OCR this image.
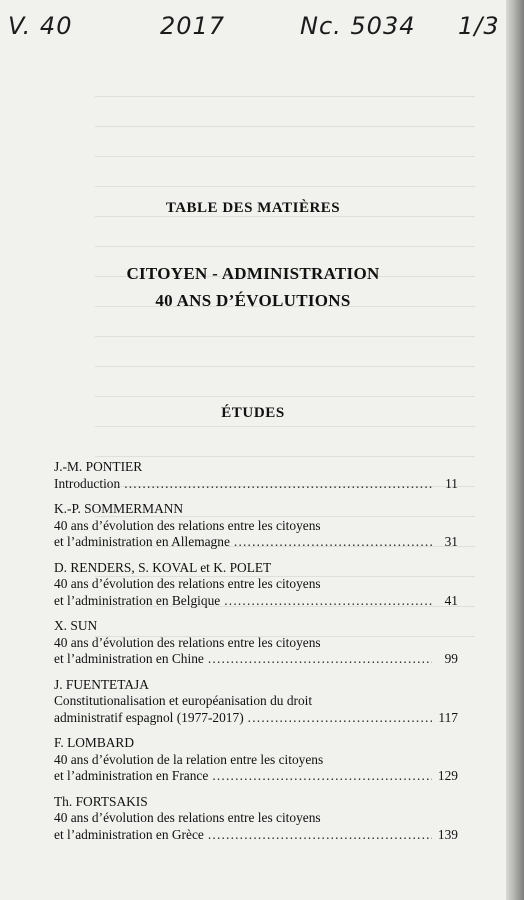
V. 40	2017	Nc. 5034 1/3
TABLE DES MATIÈRES
CITOYEN - ADMINISTRATION
40 ANS D’ÉVOLUTIONS
ÉTUDES
J.-M. PONTIER
Introduction .....	11
K.-P. SOMMERMANN
40 ans d’évolution des relations entre les citoyens
et l’administration en Allemagne .....	31
D. RENDERS, S. KOVAL et K. POLET
40 ans d’évolution des relations entre les citoyens
et l’administration en Belgique .....	41
X. SUN
40 ans d’évolution des relations entre les citoyens
et l’administration en Chine .....	99
J. FUENTETAJA
Constitutionalisation et européanisation du droit
administratif espagnol (1977-2017) .....	117
F. LOMBARD
40 ans d’évolution de la relation entre les citoyens
et l’administration en France .....	129
Th. FORTSAKIS
40 ans d’évolution des relations entre les citoyens
et l’administration en Grèce .....	139
